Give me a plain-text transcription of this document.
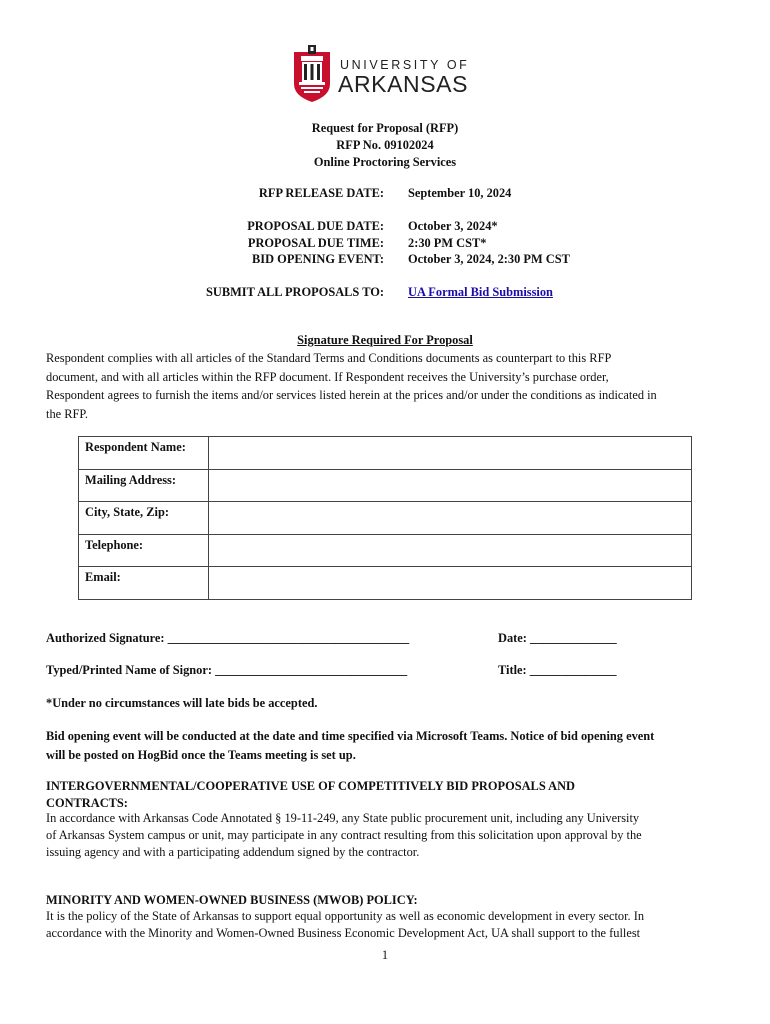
UNIVERSITY OF
ARKANSAS
Request for Proposal (RFP)
RFP No. 09102024
Online Proctoring Services
RFP RELEASE DATE: September 10, 2024
PROPOSAL DUE DATE: October 3, 2024*
PROPOSAL DUE TIME: 2:30 PM CST*
BID OPENING EVENT: October 3, 2024, 2:30 PM CST
SUBMIT ALL PROPOSALS TO: UA Formal Bid Submission
Signature Required For Proposal
Respondent complies with all articles of the Standard Terms and Conditions documents as counterpart to this RFP
document, and with all articles within the RFP document. If Respondent receives the University’s purchase order,
Respondent agrees to furnish the items and/or services listed herein at the prices and/or under the conditions as indicated in
the RFP.
Respondent Name:	
Mailing Address:	
City, State, Zip:	
Telephone:	
Email:	
Authorized Signature: _______________________________________	Date: ______________
Typed/Printed Name of Signor: _______________________________	Title: ______________
*Under no circumstances will late bids be accepted.
Bid opening event will be conducted at the date and time specified via Microsoft Teams. Notice of bid opening event
will be posted on HogBid once the Teams meeting is set up.
INTERGOVERNMENTAL/COOPERATIVE USE OF COMPETITIVELY BID PROPOSALS AND
CONTRACTS:
In accordance with Arkansas Code Annotated § 19-11-249, any State public procurement unit, including any University
of Arkansas System campus or unit, may participate in any contract resulting from this solicitation upon approval by the
issuing agency and with a participating addendum signed by the contractor.
MINORITY AND WOMEN-OWNED BUSINESS (MWOB) POLICY:
It is the policy of the State of Arkansas to support equal opportunity as well as economic development in every sector. In
accordance with the Minority and Women-Owned Business Economic Development Act, UA shall support to the fullest
1
